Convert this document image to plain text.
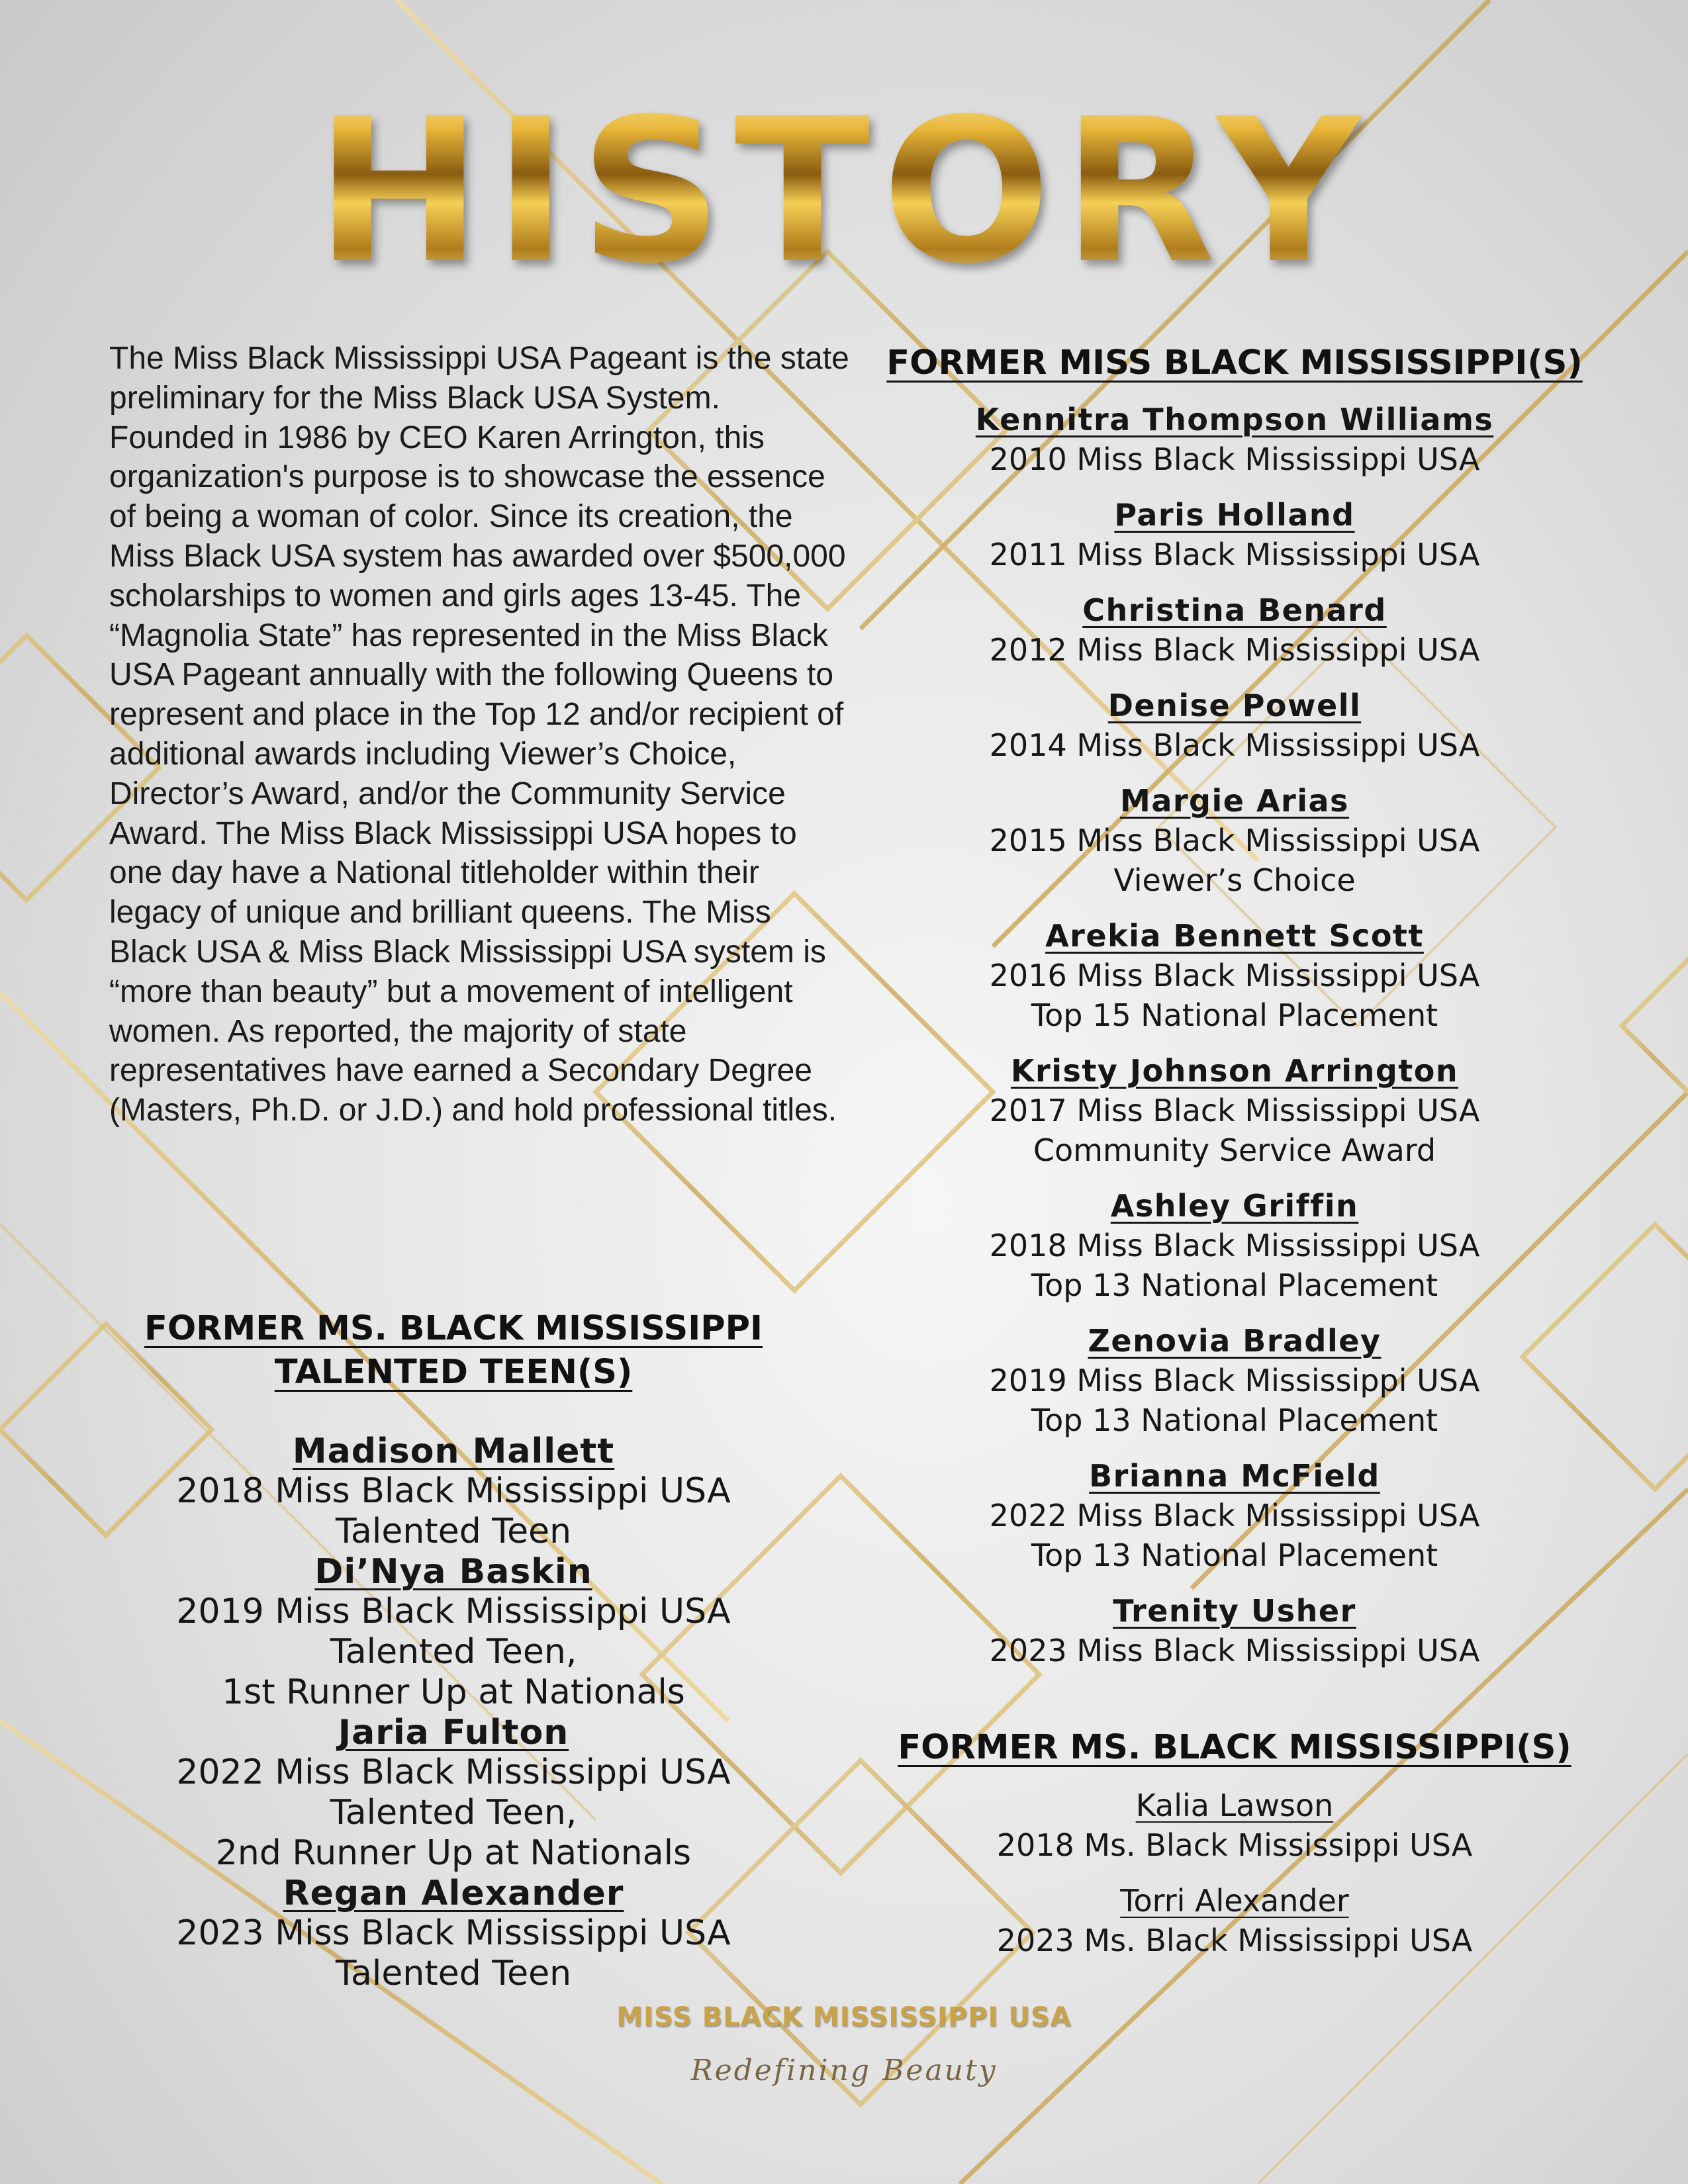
HISTORY
The Miss Black Mississippi USA Pageant is the state preliminary for the Miss Black USA System. Founded in 1986 by CEO Karen Arrington, this organization's purpose is to showcase the essence of being a woman of color. Since its creation, the Miss Black USA system has awarded over $500,000 scholarships to women and girls ages 13-45. The “Magnolia State” has represented in the Miss Black USA Pageant annually with the following Queens to represent and place in the Top 12 and/or recipient of additional awards including Viewer’s Choice, Director’s Award, and/or the Community Service Award. The Miss Black Mississippi USA hopes to one day have a National titleholder within their legacy of unique and brilliant queens. The Miss Black USA & Miss Black Mississippi USA system is “more than beauty” but a movement of intelligent women. As reported, the majority of state representatives have earned a Secondary Degree (Masters, Ph.D. or J.D.) and hold professional titles.
FORMER MS. BLACK MISSISSIPPI
TALENTED TEEN(S)
Madison Mallett
2018 Miss Black Mississippi USA
Talented Teen
Di’Nya Baskin
2019 Miss Black Mississippi USA
Talented Teen,
1st Runner Up at Nationals
Jaria Fulton
2022 Miss Black Mississippi USA
Talented Teen,
2nd Runner Up at Nationals
Regan Alexander
2023 Miss Black Mississippi USA
Talented Teen
FORMER MISS BLACK MISSISSIPPI(S)
Kennitra Thompson Williams
2010 Miss Black Mississippi USA
Paris Holland
2011 Miss Black Mississippi USA
Christina Benard
2012 Miss Black Mississippi USA
Denise Powell
2014 Miss Black Mississippi USA
Margie Arias
2015 Miss Black Mississippi USA
Viewer’s Choice
Arekia Bennett Scott
2016 Miss Black Mississippi USA
Top 15 National Placement
Kristy Johnson Arrington
2017 Miss Black Mississippi USA
Community Service Award
Ashley Griffin
2018 Miss Black Mississippi USA
Top 13 National Placement
Zenovia Bradley
2019 Miss Black Mississippi USA
Top 13 National Placement
Brianna McField
2022 Miss Black Mississippi USA
Top 13 National Placement
Trenity Usher
2023 Miss Black Mississippi USA
FORMER MS. BLACK MISSISSIPPI(S)
Kalia Lawson
2018 Ms. Black Mississippi USA
Torri Alexander
2023 Ms. Black Mississippi USA
MISS BLACK MISSISSIPPI USA
Redefining Beauty
